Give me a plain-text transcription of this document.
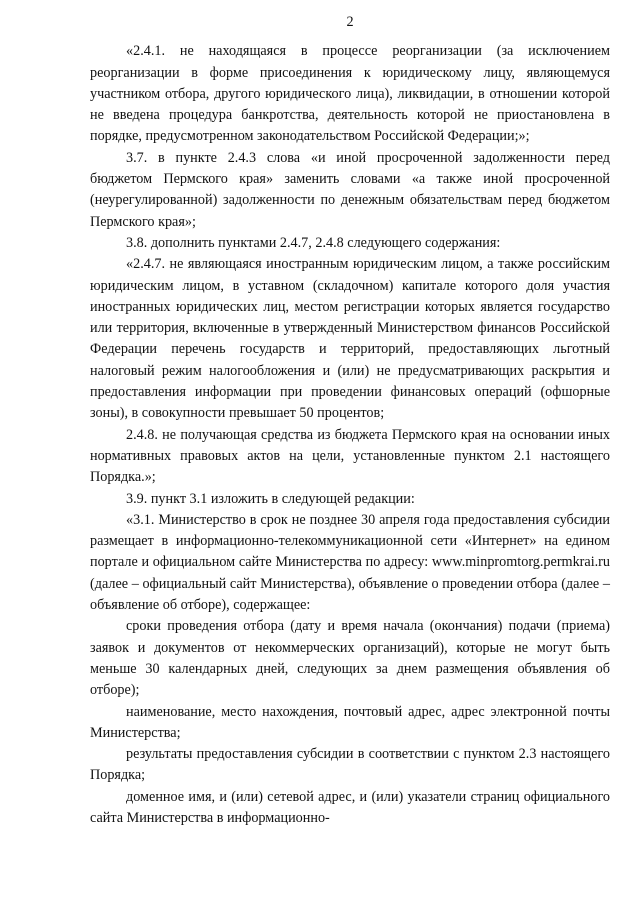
2

«2.4.1. не находящаяся в процессе реорганизации (за исключением реорганизации в форме присоединения к юридическому лицу, являющемуся участником отбора, другого юридического лица), ликвидации, в отношении которой не введена процедура банкротства, деятельность которой не приостановлена в порядке, предусмотренном законодательством Российской Федерации;»;

3.7. в пункте 2.4.3 слова «и иной просроченной задолженности перед бюджетом Пермского края» заменить словами «а также иной просроченной (неурегулированной) задолженности по денежным обязательствам перед бюджетом Пермского края»;

3.8. дополнить пунктами 2.4.7, 2.4.8 следующего содержания:

«2.4.7. не являющаяся иностранным юридическим лицом, а также российским юридическим лицом, в уставном (складочном) капитале которого доля участия иностранных юридических лиц, местом регистрации которых является государство или территория, включенные в утвержденный Министерством финансов Российской Федерации перечень государств и территорий, предоставляющих льготный налоговый режим налогообложения и (или) не предусматривающих раскрытия и предоставления информации при проведении финансовых операций (офшорные зоны), в совокупности превышает 50 процентов;

2.4.8. не получающая средства из бюджета Пермского края на основании иных нормативных правовых актов на цели, установленные пунктом 2.1 настоящего Порядка.»;

3.9. пункт 3.1 изложить в следующей редакции:

«3.1. Министерство в срок не позднее 30 апреля года предоставления субсидии размещает в информационно-телекоммуникационной сети «Интернет» на едином портале и официальном сайте Министерства по адресу: www.minpromtorg.permkrai.ru (далее – официальный сайт Министерства), объявление о проведении отбора (далее – объявление об отборе), содержащее:

сроки проведения отбора (дату и время начала (окончания) подачи (приема) заявок и документов от некоммерческих организаций), которые не могут быть меньше 30 календарных дней, следующих за днем размещения объявления об отборе);

наименование, место нахождения, почтовый адрес, адрес электронной почты Министерства;

результаты предоставления субсидии в соответствии с пунктом 2.3 настоящего Порядка;

доменное имя, и (или) сетевой адрес, и (или) указатели страниц официального сайта Министерства в информационно-
